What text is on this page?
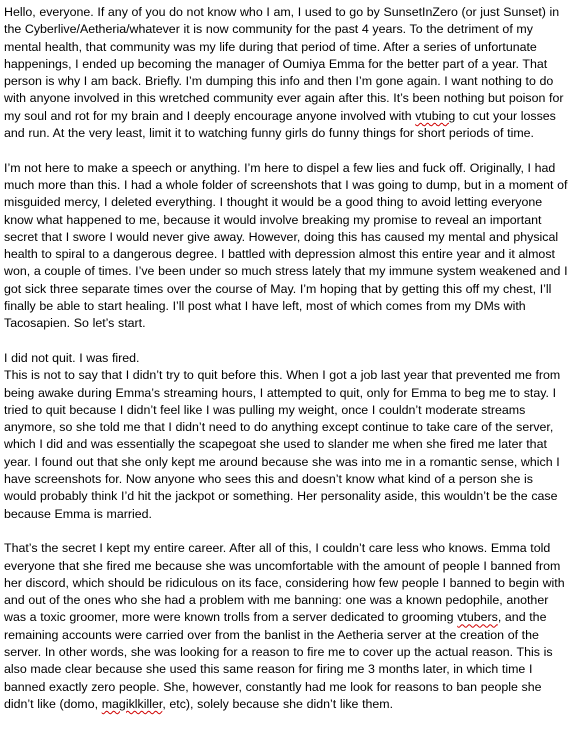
Hello, everyone. If any of you do not know who I am, I used to go by SunsetInZero (or just Sunset) in the Cyberlive/Aetheria/whatever it is now community for the past 4 years. To the detriment of my mental health, that community was my life during that period of time. After a series of unfortunate happenings, I ended up becoming the manager of Oumiya Emma for the better part of a year. That person is why I am back. Briefly. I’m dumping this info and then I’m gone again. I want nothing to do with anyone involved in this wretched community ever again after this. It’s been nothing but poison for my soul and rot for my brain and I deeply encourage anyone involved with vtubing to cut your losses and run. At the very least, limit it to watching funny girls do funny things for short periods of time.

I’m not here to make a speech or anything. I’m here to dispel a few lies and fuck off. Originally, I had much more than this. I had a whole folder of screenshots that I was going to dump, but in a moment of misguided mercy, I deleted everything. I thought it would be a good thing to avoid letting everyone know what happened to me, because it would involve breaking my promise to reveal an important secret that I swore I would never give away. However, doing this has caused my mental and physical health to spiral to a dangerous degree. I battled with depression almost this entire year and it almost won, a couple of times. I’ve been under so much stress lately that my immune system weakened and I got sick three separate times over the course of May. I’m hoping that by getting this off my chest, I’ll finally be able to start healing. I’ll post what I have left, most of which comes from my DMs with Tacosapien. So let’s start.

I did not quit. I was fired.

This is not to say that I didn’t try to quit before this. When I got a job last year that prevented me from being awake during Emma’s streaming hours, I attempted to quit, only for Emma to beg me to stay. I tried to quit because I didn’t feel like I was pulling my weight, once I couldn’t moderate streams anymore, so she told me that I didn’t need to do anything except continue to take care of the server, which I did and was essentially the scapegoat she used to slander me when she fired me later that year. I found out that she only kept me around because she was into me in a romantic sense, which I have screenshots for. Now anyone who sees this and doesn’t know what kind of a person she is would probably think I’d hit the jackpot or something. Her personality aside, this wouldn’t be the case because Emma is married.

That’s the secret I kept my entire career. After all of this, I couldn’t care less who knows. Emma told everyone that she fired me because she was uncomfortable with the amount of people I banned from her discord, which should be ridiculous on its face, considering how few people I banned to begin with and out of the ones who she had a problem with me banning: one was a known pedophile, another was a toxic groomer, more were known trolls from a server dedicated to grooming vtubers, and the remaining accounts were carried over from the banlist in the Aetheria server at the creation of the server. In other words, she was looking for a reason to fire me to cover up the actual reason. This is also made clear because she used this same reason for firing me 3 months later, in which time I banned exactly zero people. She, however, constantly had me look for reasons to ban people she didn’t like (domo, magiklkiller, etc), solely because she didn’t like them.
